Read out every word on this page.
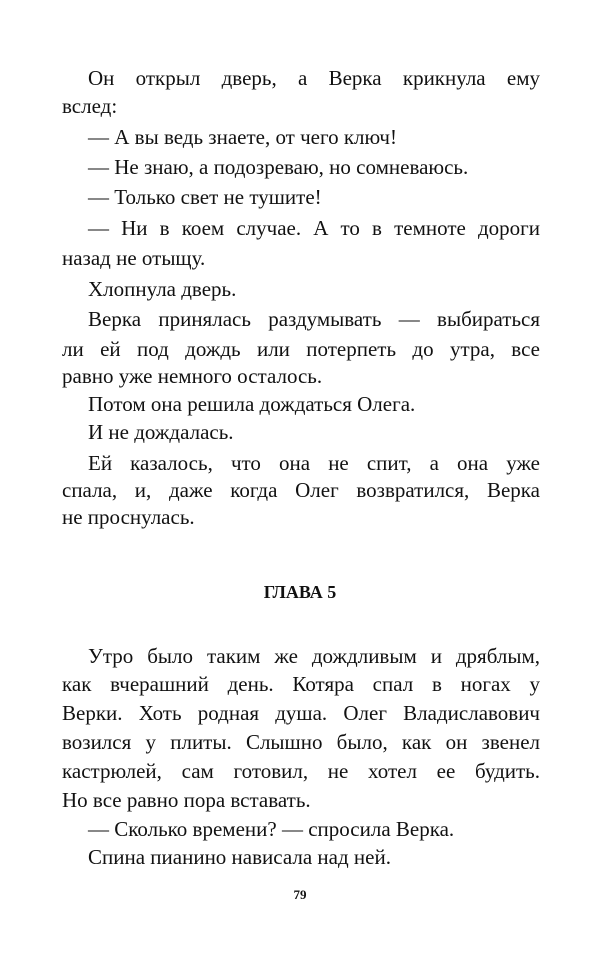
Он открыл дверь, а Верка крикнула ему
вслед:
— А вы ведь знаете, от чего ключ!
— Не знаю, а подозреваю, но сомневаюсь.
— Только свет не тушите!
— Ни в коем случае. А то в темноте дороги
назад не отыщу.
Хлопнула дверь.
Верка принялась раздумывать — выбираться
ли ей под дождь или потерпеть до утра, все
равно уже немного осталось.
Потом она решила дождаться Олега.
И не дождалась.
Ей казалось, что она не спит, а она уже
спала, и, даже когда Олег возвратился, Верка
не проснулась.
ГЛАВА 5
Утро было таким же дождливым и дряблым,
как вчерашний день. Котяра спал в ногах у
Верки. Хоть родная душа. Олег Владиславович
возился у плиты. Слышно было, как он звенел
кастрюлей, сам готовил, не хотел ее будить.
Но все равно пора вставать.
— Сколько времени? — спросила Верка.
Спина пианино нависала над ней.
79
